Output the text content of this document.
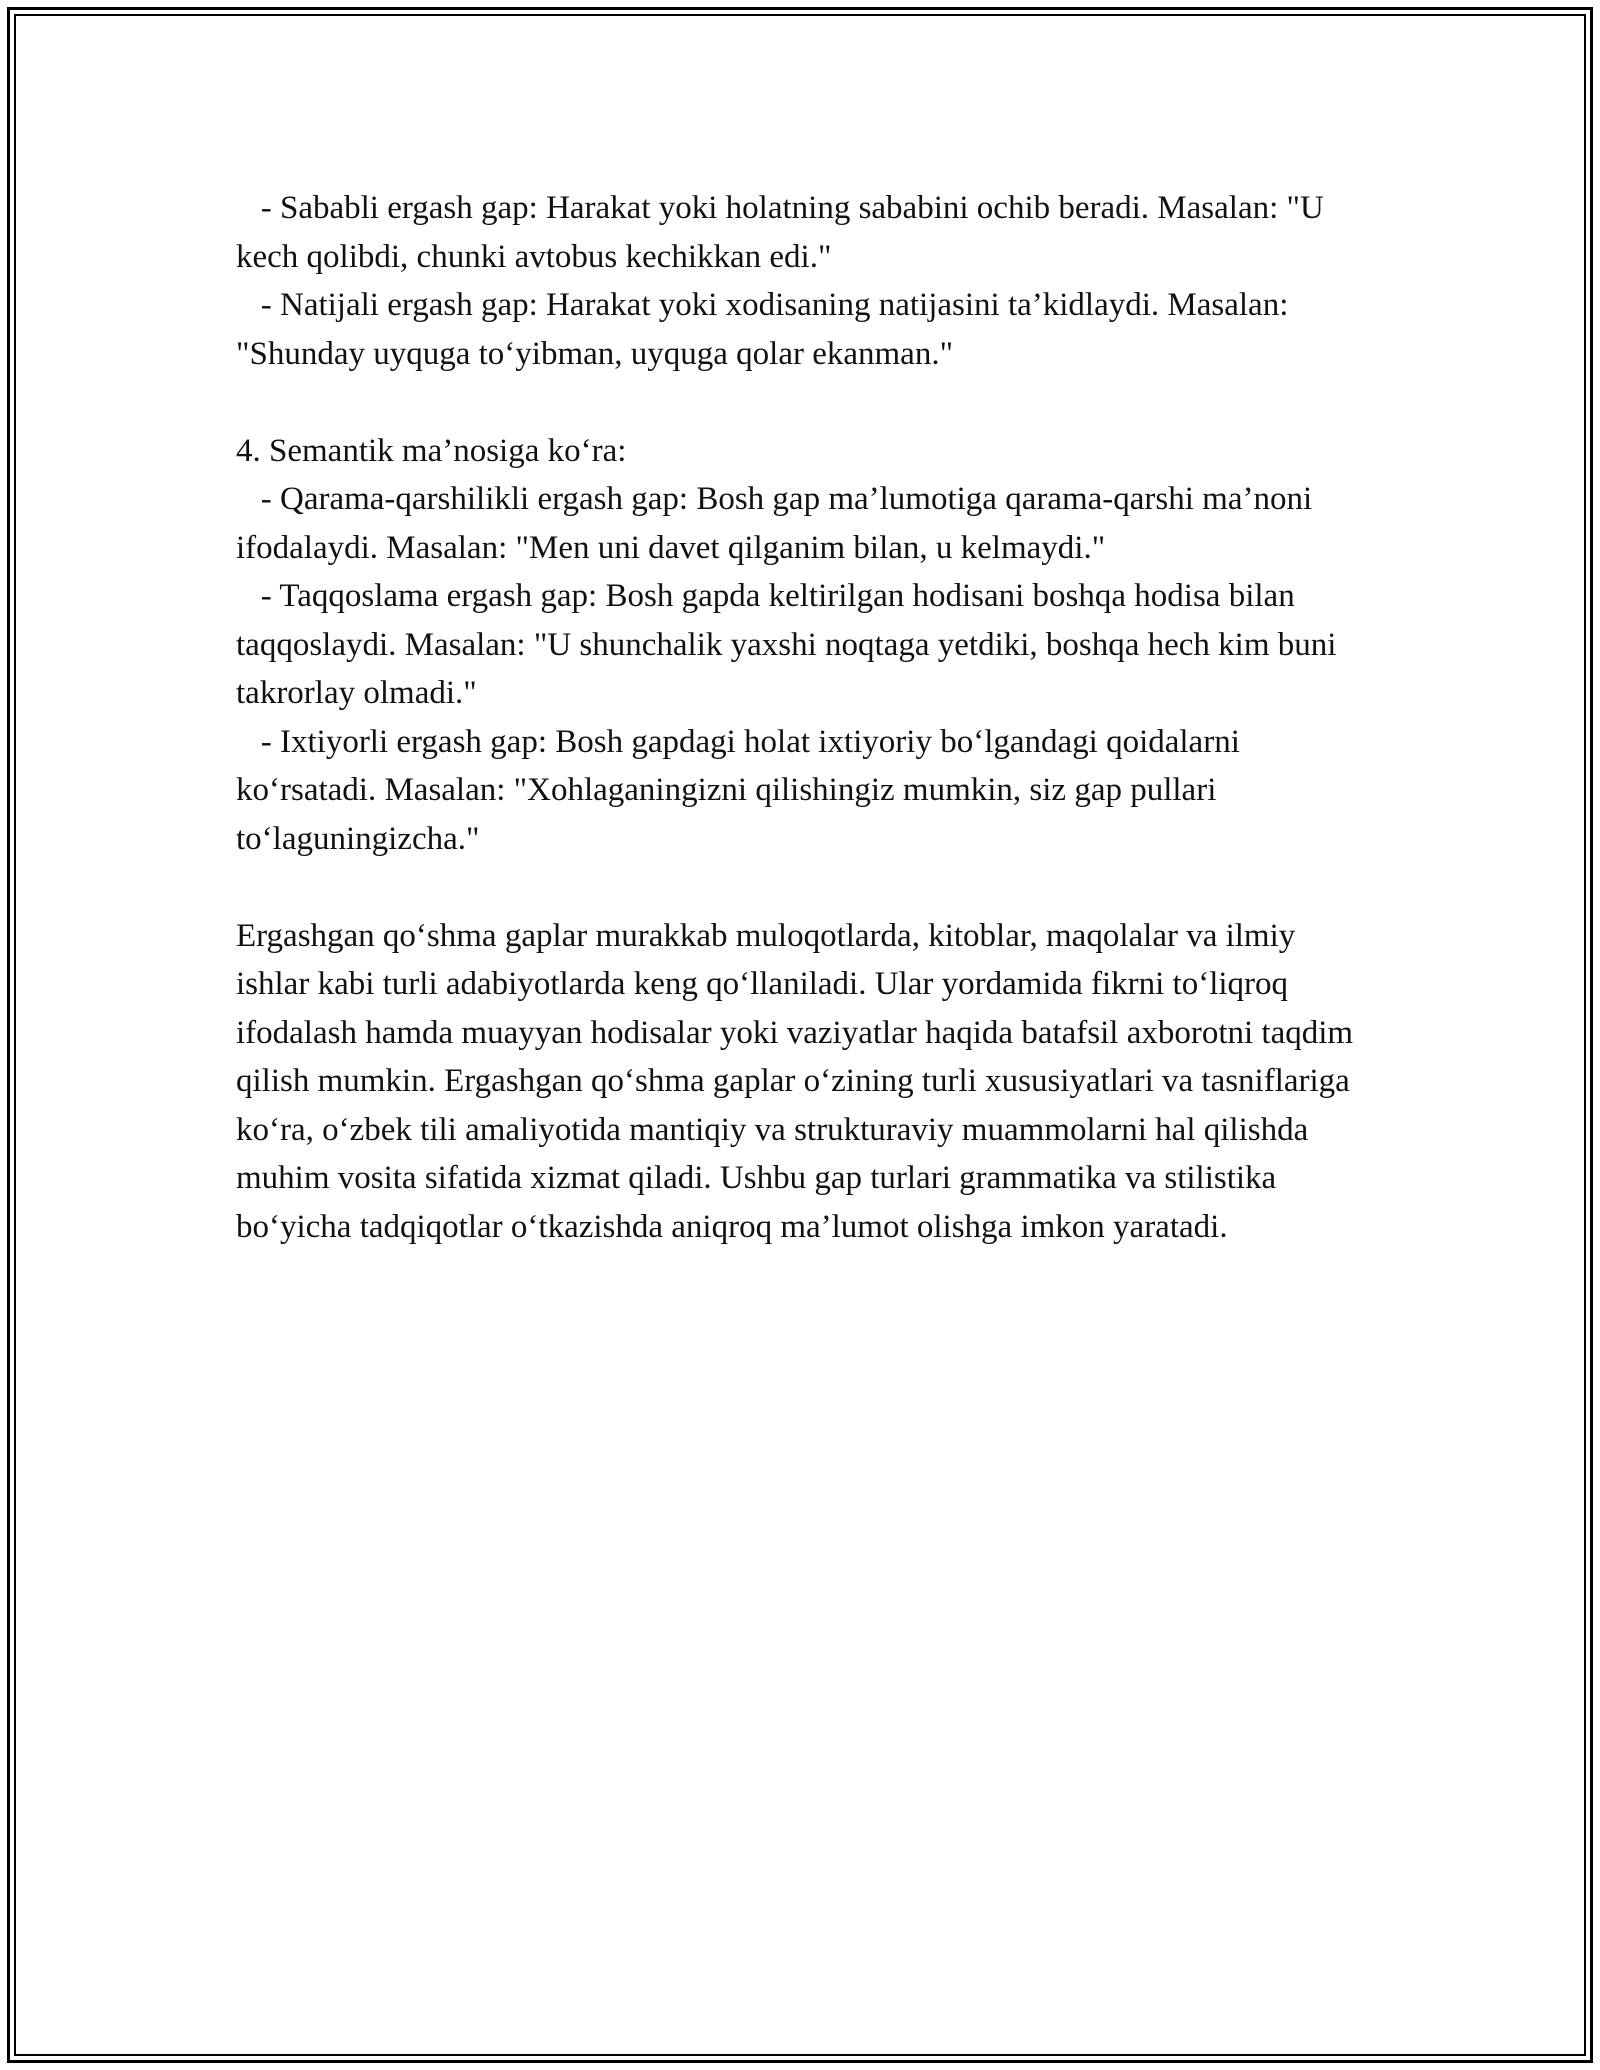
- Sababli ergash gap: Harakat yoki holatning sababini ochib beradi. Masalan: "U kech qolibdi, chunki avtobus kechikkan edi."

- Natijali ergash gap: Harakat yoki xodisaning natijasini ta’kidlaydi. Masalan: "Shunday uyquga to‘yibman, uyquga qolar ekanman."

4. Semantik ma’nosiga ko‘ra:

- Qarama-qarshilikli ergash gap: Bosh gap ma’lumotiga qarama-qarshi ma’noni ifodalaydi. Masalan: "Men uni davet qilganim bilan, u kelmaydi."

- Taqqoslama ergash gap: Bosh gapda keltirilgan hodisani boshqa hodisa bilan taqqoslaydi. Masalan: "U shunchalik yaxshi noqtaga yetdiki, boshqa hech kim buni takrorlay olmadi."

- Ixtiyorli ergash gap: Bosh gapdagi holat ixtiyoriy bo‘lgandagi qoidalarni ko‘rsatadi. Masalan: "Xohlaganingizni qilishingiz mumkin, siz gap pullari to‘laguningizcha."

Ergashgan qo‘shma gaplar murakkab muloqotlarda, kitoblar, maqolalar va ilmiy ishlar kabi turli adabiyotlarda keng qo‘llaniladi. Ular yordamida fikrni to‘liqroq ifodalash hamda muayyan hodisalar yoki vaziyatlar haqida batafsil axborotni taqdim qilish mumkin. Ergashgan qo‘shma gaplar o‘zining turli xususiyatlari va tasniflariga ko‘ra, o‘zbek tili amaliyotida mantiqiy va strukturaviy muammolarni hal qilishda muhim vosita sifatida xizmat qiladi. Ushbu gap turlari grammatika va stilistika bo‘yicha tadqiqotlar o‘tkazishda aniqroq ma’lumot olishga imkon yaratadi.
